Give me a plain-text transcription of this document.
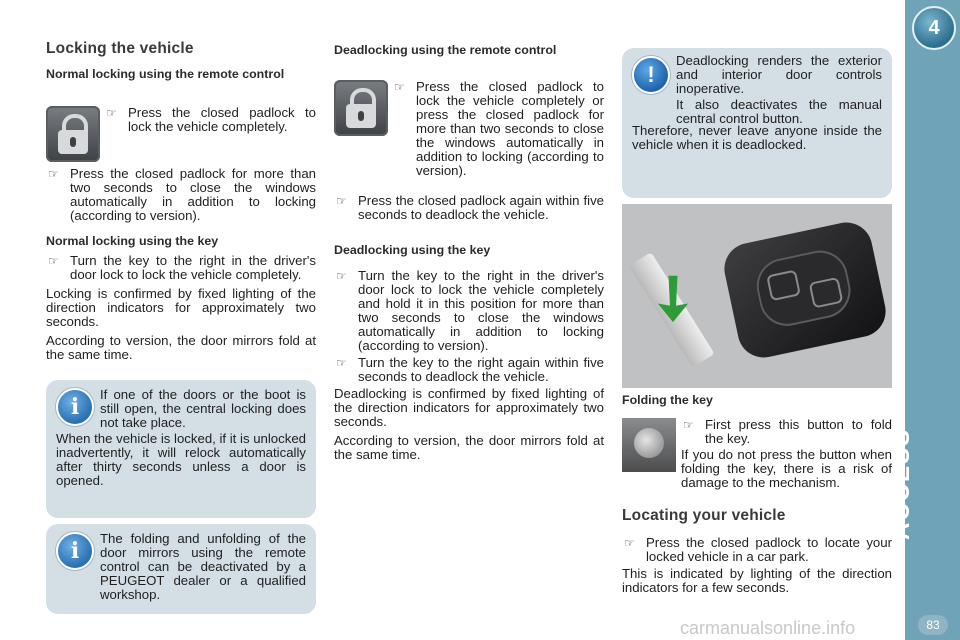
Locking the vehicle
Normal locking using the remote control
☞ Press the closed padlock to lock the vehicle completely.
☞ Press the closed padlock for more than two seconds to close the windows automatically in addition to locking (according to version).
Normal locking using the key
☞ Turn the key to the right in the driver's door lock to lock the vehicle completely.

Locking is confirmed by fixed lighting of the direction indicators for approximately two seconds.

According to version, the door mirrors fold at the same time.

i	If one of the doors or the boot is still open, the central locking does not take place.

When the vehicle is locked, if it is unlocked inadvertently, it will relock automatically after thirty seconds unless a door is opened.

i	The folding and unfolding of the door mirrors using the remote control can be deactivated by a PEUGEOT dealer or a qualified workshop.

Deadlocking using the remote control
☞ Press the closed padlock to lock the vehicle completely or press the closed padlock for more than two seconds to close the windows automatically in addition to locking (according to version).
☞ Press the closed padlock again within five seconds to deadlock the vehicle.
Deadlocking using the key
☞ Turn the key to the right in the driver's door lock to lock the vehicle completely and hold it in this position for more than two seconds to close the windows automatically in addition to locking (according to version).
☞ Turn the key to the right again within five seconds to deadlock the vehicle.

Deadlocking is confirmed by fixed lighting of the direction indicators for approximately two seconds.

According to version, the door mirrors fold at the same time.

!

Deadlocking renders the exterior and interior door controls inoperative.

It also deactivates the manual central control button.

Therefore, never leave anyone inside the vehicle when it is deadlocked.

➘
Folding the key
☞ First press this button to fold the key.

If you do not press the button when folding the key, there is a risk of damage to the mechanism.

Locating your vehicle
☞ Press the closed padlock to locate your locked vehicle in a car park.

This is indicated by lighting of the direction indicators for a few seconds.

4
ACCESS
83
carmanualsonline.info
